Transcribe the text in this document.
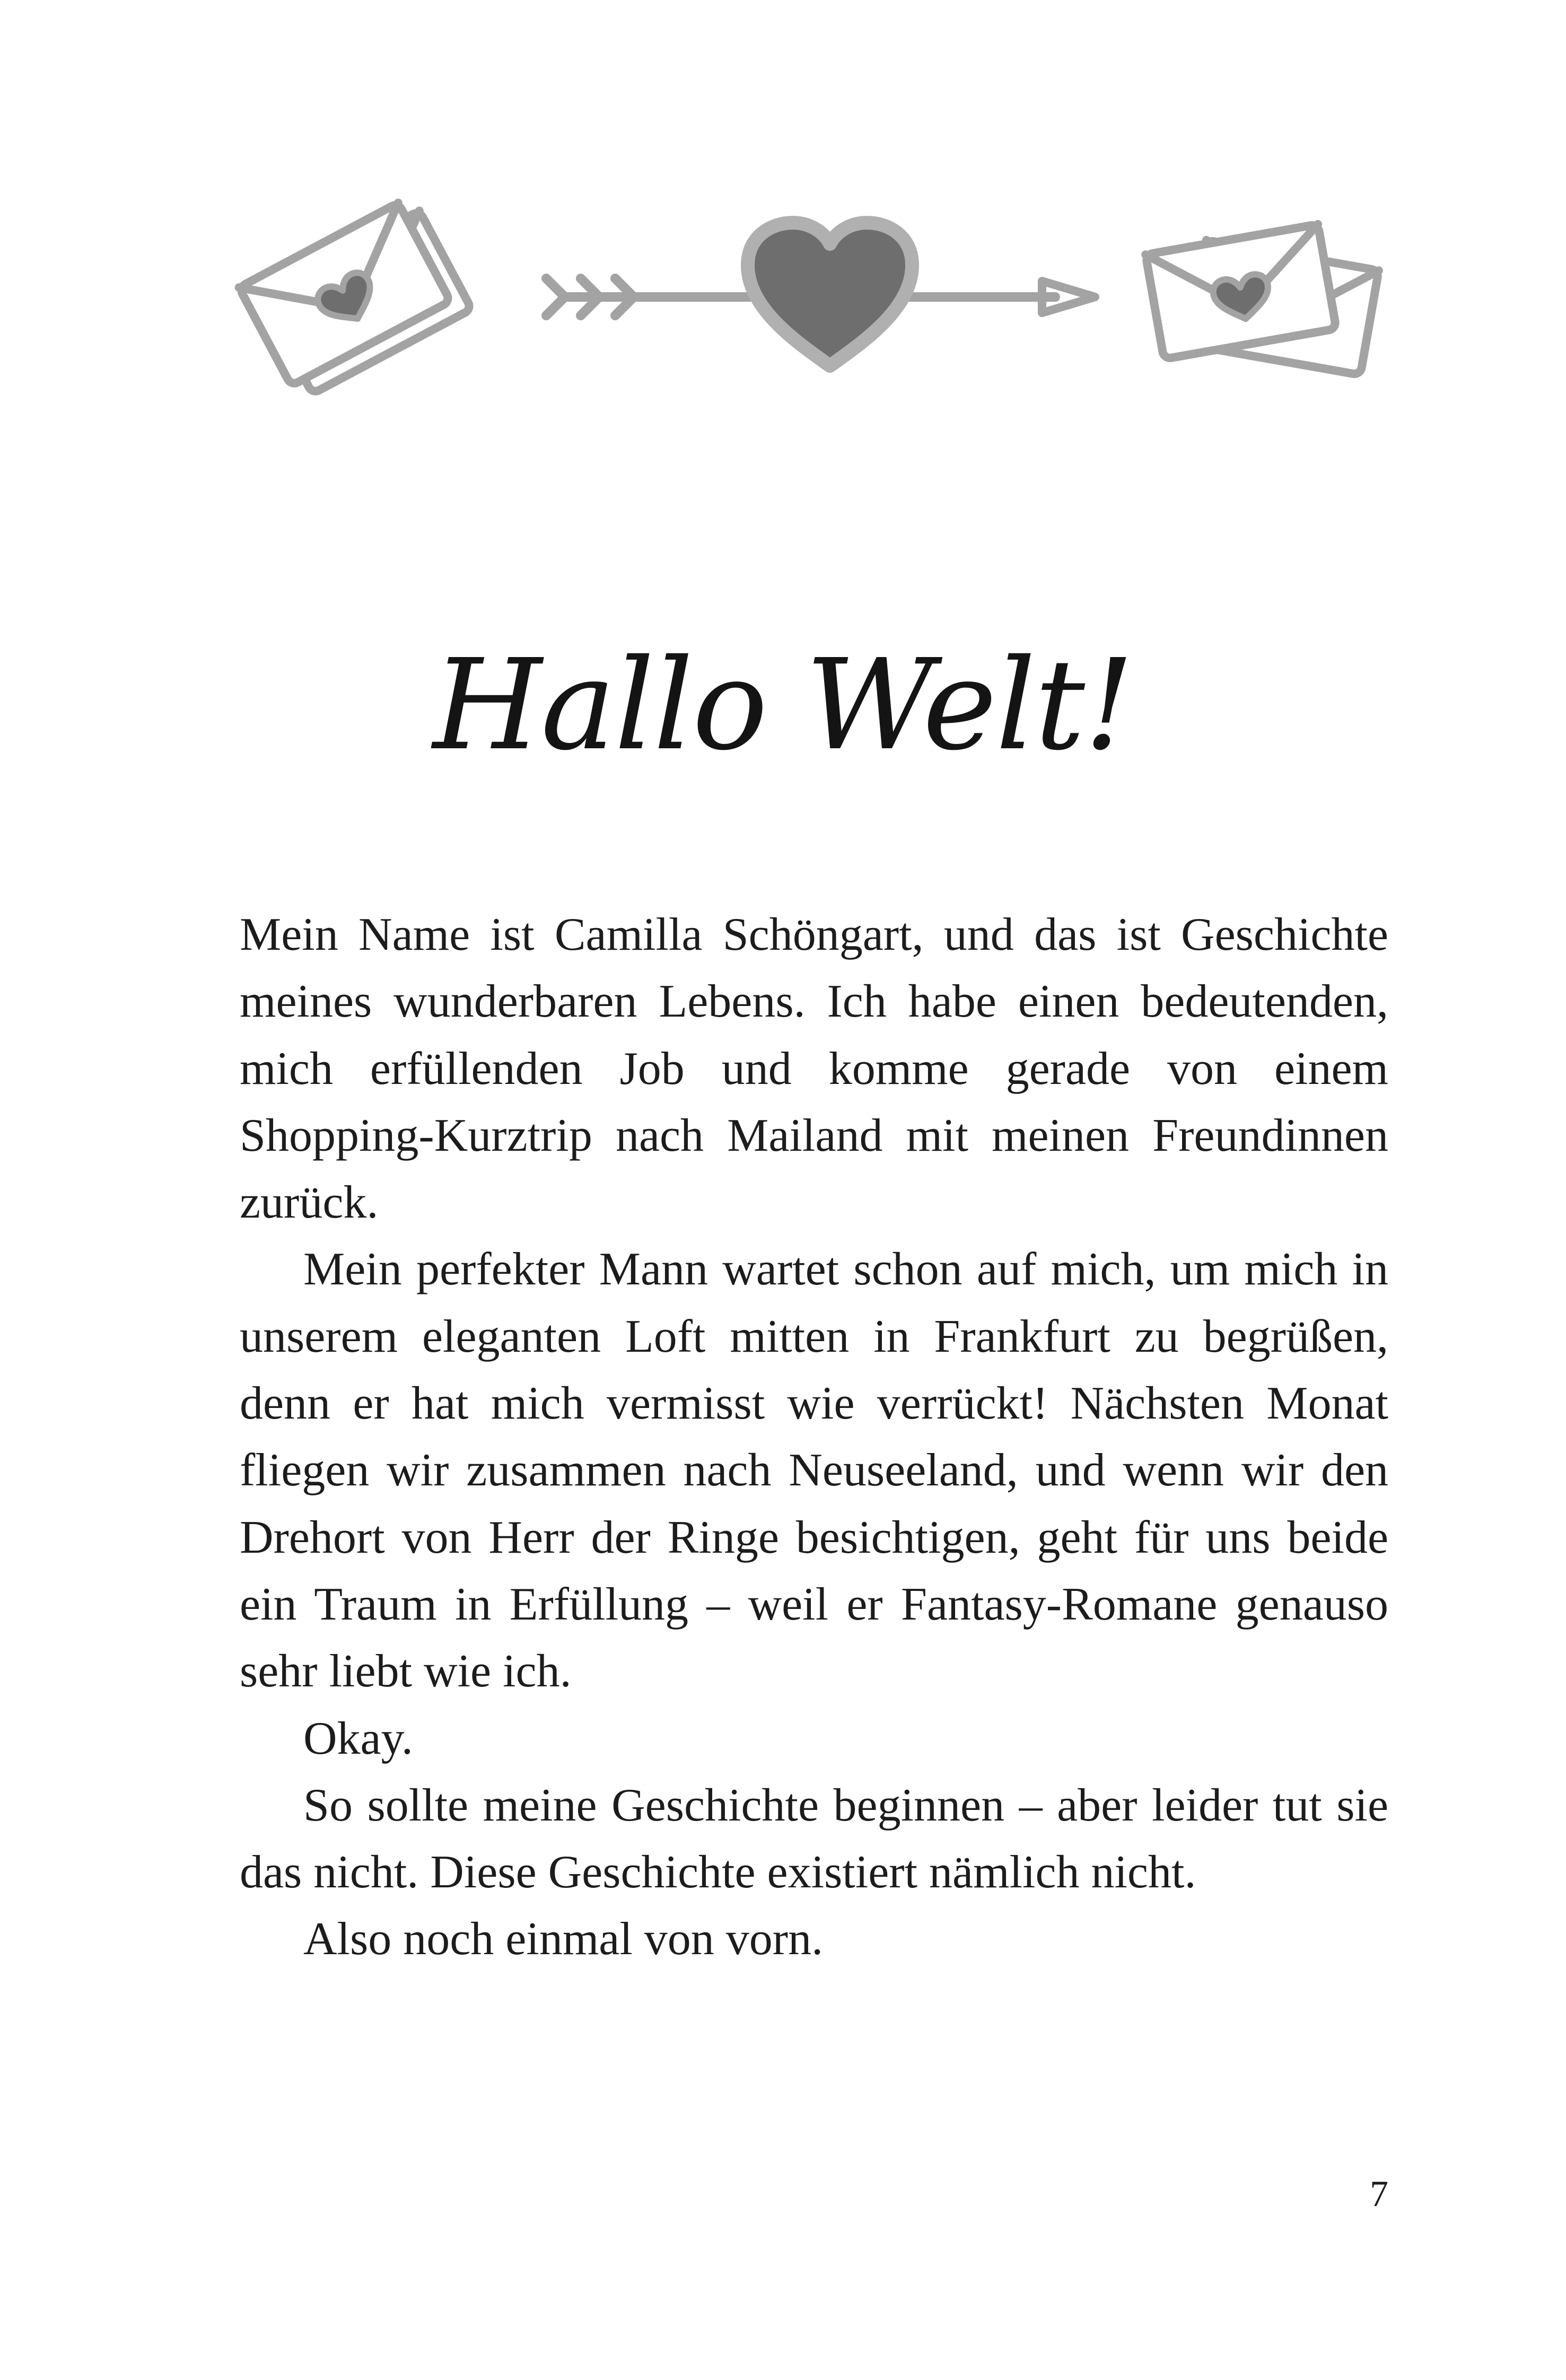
Hallo Welt!

Mein Name ist Camilla Schöngart, und das ist Geschichte meines wunderbaren Lebens. Ich habe einen bedeutenden, mich erfüllenden Job und komme gerade von einem Shopping-Kurztrip nach Mailand mit meinen Freundinnen zurück.

Mein perfekter Mann wartet schon auf mich, um mich in unserem eleganten Loft mitten in Frankfurt zu begrüßen, denn er hat mich vermisst wie verrückt! Nächsten Monat fliegen wir zusammen nach Neuseeland, und wenn wir den Drehort von Herr der Ringe besichtigen, geht für uns beide ein Traum in Erfüllung – weil er Fantasy-Romane genauso sehr liebt wie ich.

Okay.

So sollte meine Geschichte beginnen – aber leider tut sie das nicht. Diese Geschichte existiert nämlich nicht.

Also noch einmal von vorn.

7
